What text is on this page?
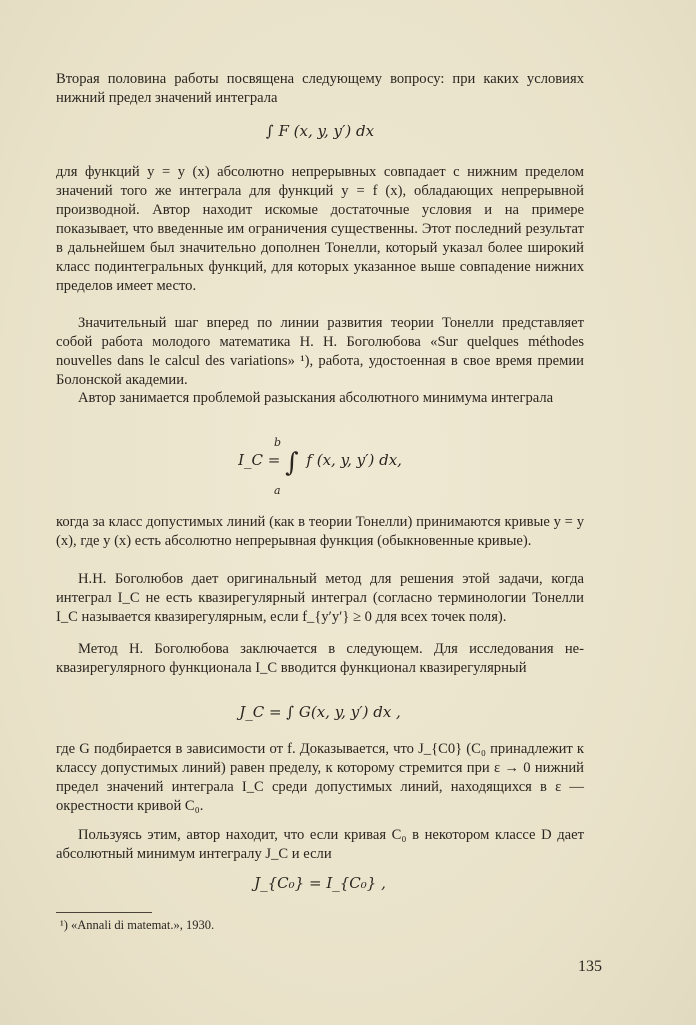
Вторая половина работы посвящена следующему вопросу: при каких условиях нижний предел значений интеграла

∫ F (x, y, y′) dx

для функций y = y (x) абсолютно непрерывных совпадает с нижним пределом значений того же интеграла для функций y = f (x), обладающих непрерывной производной. Автор находит искомые достаточные условия и на примере показывает, что введенные им ограничения существенны. Этот последний результат в дальнейшем был значительно дополнен Тонелли, который указал более широкий класс подинтегральных функций, для которых указанное выше совпадение нижних пределов имеет место.

Значительный шаг вперед по линии развития теории Тонелли представляет собой работа молодого математика Н. Н. Боголюбова «Sur quelques méthodes nouvelles dans le calcul des variations» ¹), работа, удостоенная в свое время премии Болонской академии.

Автор занимается проблемой разыскания абсолютного минимума интеграла

I_C = ∫ f (x, y, y′) dx,
b
a

когда за класс допустимых линий (как в теории Тонелли) принимаются кривые y = y (x), где y (x) есть абсолютно непрерывная функция (обыкновенные кривые).

Н.Н. Боголюбов дает оригинальный метод для решения этой задачи, когда интеграл I_C не есть квазирегулярный интеграл (согласно терминологии Тонелли I_C называется квазирегулярным, если f_{y′y′} ≥ 0 для всех точек поля).

Метод Н. Боголюбова заключается в следующем. Для исследования не-квазирегулярного функционала I_C вводится функционал квазирегулярный

J_C = ∫ G(x, y, y′) dx ,

где G подбирается в зависимости от f. Доказывается, что J_{C0} (C₀ принадлежит к классу допустимых линий) равен пределу, к которому стремится при ε → 0 нижний предел значений интеграла I_C среди допустимых линий, находящихся в ε — окрестности кривой C₀.

Пользуясь этим, автор находит, что если кривая C₀ в некотором классе D дает абсолютный минимум интегралу J_C и если

J_{C₀} = I_{C₀} ,
¹) «Annali di matemat.», 1930.
135
